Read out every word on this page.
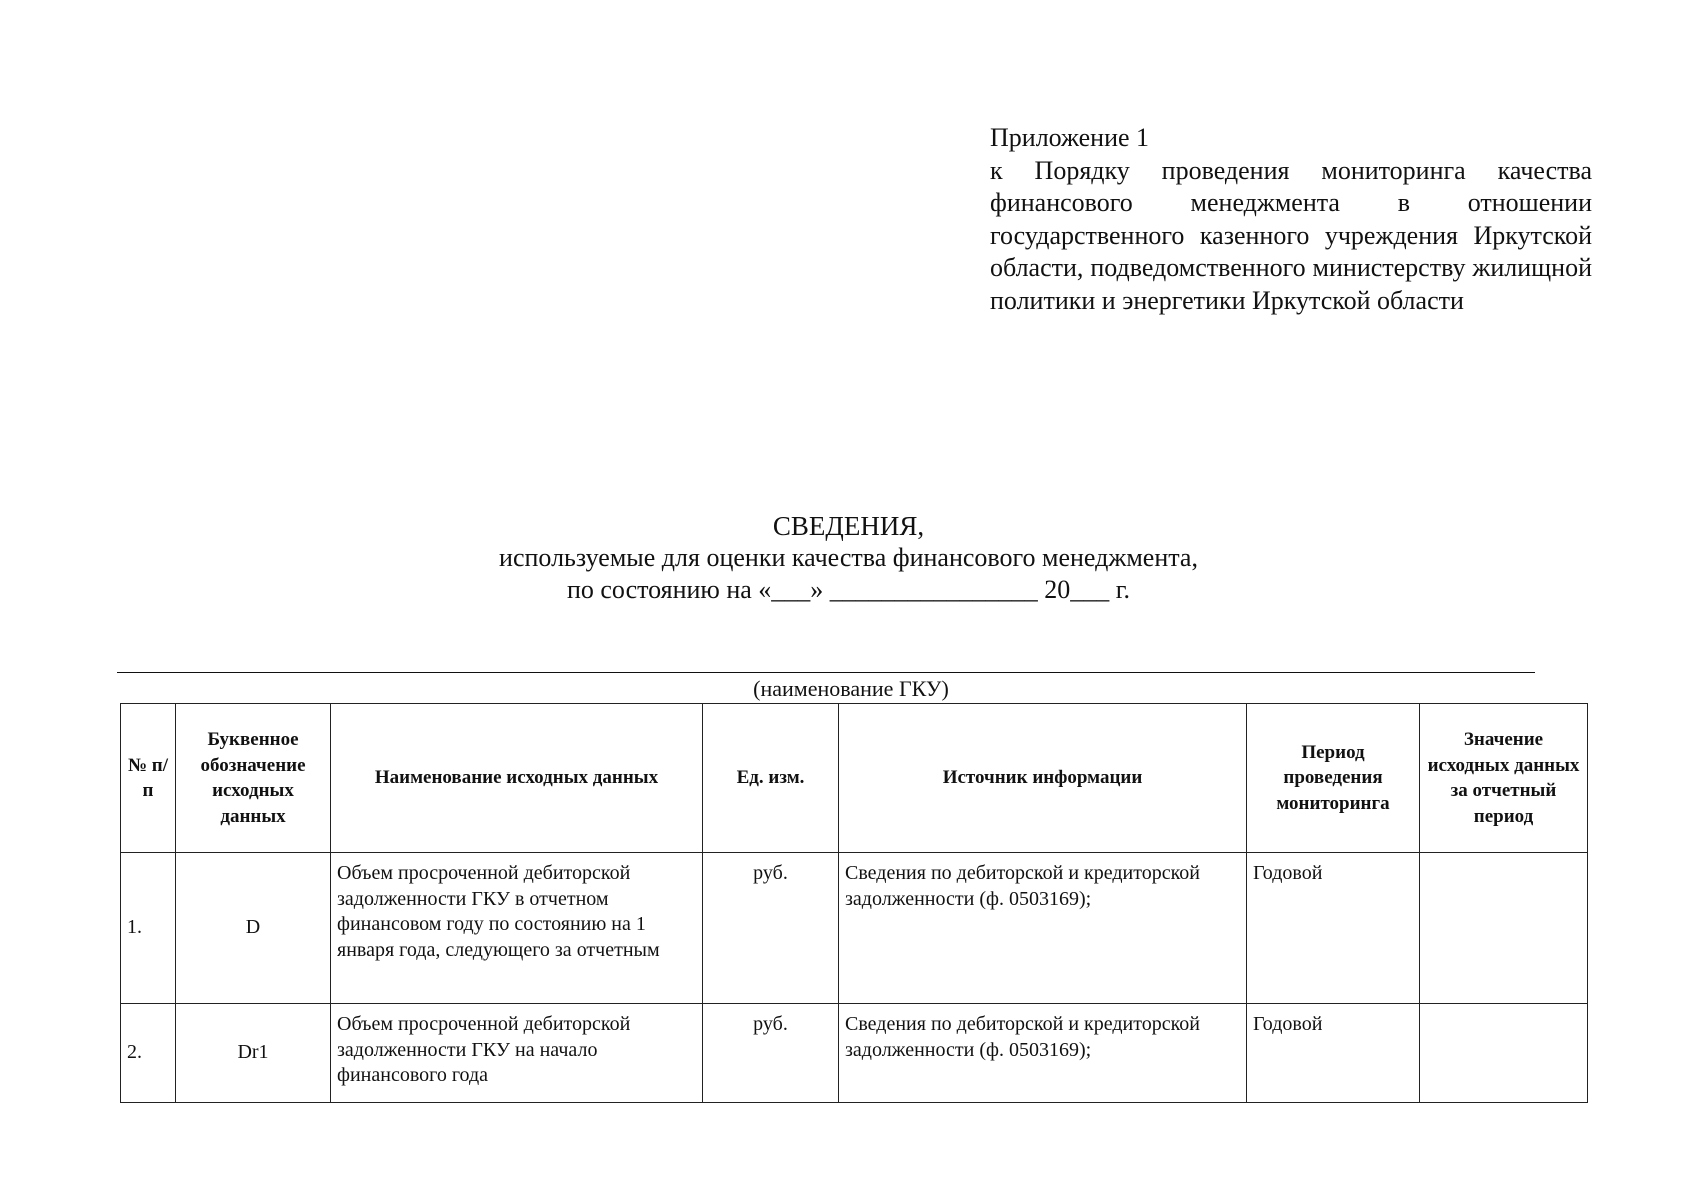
Приложение 1
к Порядку проведения мониторинга качества финансового менеджмента в отношении государственного казенного учреждения Иркутской области, подведомственного министерству жилищной политики и энергетики Иркутской области
СВЕДЕНИЯ,
используемые для оценки качества финансового менеджмента,
по состоянию на «___» ________________ 20___ г.
(наименование ГКУ)
№ п/п	Буквенное обозначение исходных данных	Наименование исходных данных	Ед. изм.	Источник информации	Период проведения мониторинга	Значение исходных данных за отчетный период
1.	D	Объем просроченной дебиторской задолженности ГКУ в отчетном финансовом году по состоянию на 1 января года, следующего за отчетным	руб.	Сведения по дебиторской и кредиторской задолженности (ф. 0503169);	Годовой	
2.	Dr1	Объем просроченной дебиторской задолженности ГКУ на начало финансового года	руб.	Сведения по дебиторской и кредиторской задолженности (ф. 0503169);	Годовой	
